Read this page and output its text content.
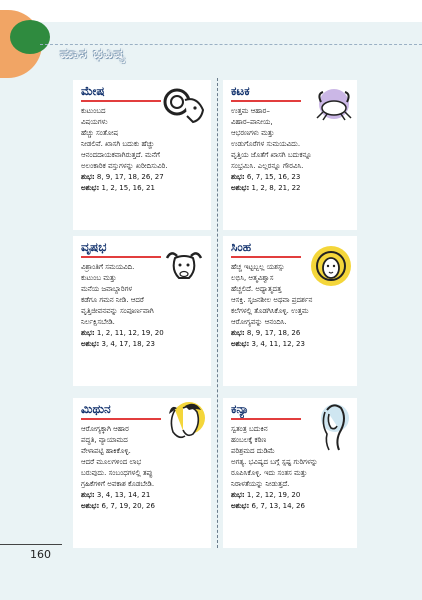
ಮಾಸ ಭವಿಷ್ಯ
ಮೇಷ
ಕುಟುಂಬದ
ವಿಷಯಗಳು
ಹೆಚ್ಚು ಸಂತೋಷ
ನೀಡಲಿವೆ. ಖಾಸಗಿ ಬದುಕು ಹೆಚ್ಚು
ಆನಂದದಾಯಕವಾಗಿರುತ್ತದೆ. ಮನೆಗೆ
ಅಲಂಕಾರಿಕ ವಸ್ತುಗಳನ್ನು ಖರೀದಿಸುವಿರಿ.
ಶುಭ: 8, 9, 17, 18, 26, 27
ಅಶುಭ: 1, 2, 15, 16, 21
ಕಟಕ
ಉತ್ತಮ ಆಹಾರ–
ವಿಹಾರ–ಪಾನೀಯ,
ಆಭರಣಗಳು ಮತ್ತು
ಉಡುಗೊರೆಗಳ ಸುಮಯವಿದು.
ವೃತ್ತಿಯ ಜೊತೆಗೆ ಖಾಸಗಿ ಬದುಕನ್ನೂ
ಸಂಭ್ರಮಿಸಿ. ಎಲ್ಲರನ್ನೂ ಗೌರವಿಸಿ.
ಶುಭ: 6, 7, 15, 16, 23
ಅಶುಭ: 1, 2, 8, 21, 22
ವೃಷಭ
ವಿಶ್ರಾಂತಿಗೆ ಸಮಯವಿದಿ.
ಕುಟುಂಬ ಮತ್ತು
ಮನೆಯ ಜವಾಬ್ದಾರಿಗಳ
ಕಡೆಗೂ ಗಮನ ನೀಡಿ. ಆದರೆ
ವೃತ್ತಿಜೀವನವನ್ನು ಸಂಪೂರ್ಣವಾಗಿ
ನಿರ್ಲಕ್ಷಿಸಬೇಡಿ.
ಶುಭ: 1, 2, 11, 12, 19, 20
ಅಶುಭ: 3, 4, 17, 18, 23
ಸಿಂಹ
ಹೆಚ್ಚ ಇಟ್ಟಬ್ಬಲ್ಲ ಯಶಸ್ಸು
ಲಭಿಸಿ, ಆತ್ಮವಿಶ್ವಾಸ
ಹೆಚ್ಚಲಿದೆ. ಅಧ್ಯಾತ್ಮದತ್ತ
ಆಸಕ್ತಿ. ಸೃಜನಶೀಲ ಅಥವಾ ಪ್ರದರ್ಶನ
ಕಲೆಗಳಲ್ಲಿ ತೊಡಗಿಸಿಕೊಳ್ಳಿ. ಉತ್ತಮ
ಆರೋಗ್ಯವನ್ನು ಆನಂದಿಸಿ.
ಶುಭ: 8, 9, 17, 18, 26
ಅಶುಭ: 3, 4, 11, 12, 23
ಮಿಥುನ
ಆರೋಗ್ಯಕ್ಕಾಗಿ ಆಹಾರ
ಪದ್ಧತಿ, ವ್ಯಾಯಾಮದ
ವೇಳಾಪಟ್ಟಿ ಹಾಕಿಕೊಳ್ಳಿ.
ಆದರೆ ಮೂಲಗಳಿಂದ ಲಾಭ
ಬರುವುದು. ಸಂಬಂಧಗಳಲ್ಲಿ ತಪ್ಪು
ಗ್ರಹಿಕೆಗಳಿಗೆ ಅವಕಾಶ ಕೊಡಬೇಡಿ.
ಶುಭ: 3, 4, 13, 14, 21
ಅಶುಭ: 6, 7, 19, 20, 26
ಕನ್ಯಾ
ಸ್ವತಂತ್ರ ಬದುಕಿನ
ಹಂಬಲಕ್ಕೆ ಕಠಿಣ
ಪರಿಶ್ರಮದ ದುಡಿಮೆ
ಅಗತ್ಯ. ಭವಿಷ್ಯದ ಬಗ್ಗೆ ಸ್ಪಷ್ಟ ಗುರಿಗಳನ್ನು
ರೂಪಿಸಿಕೊಳ್ಳಿ. ಇದು ಸಂತಸ ಮತ್ತು
ನಿರಾಳತೆಯನ್ನು ನೀಡುತ್ತದೆ.
ಶುಭ: 1, 2, 12, 19, 20
ಅಶುಭ: 6, 7, 13, 14, 26
160
